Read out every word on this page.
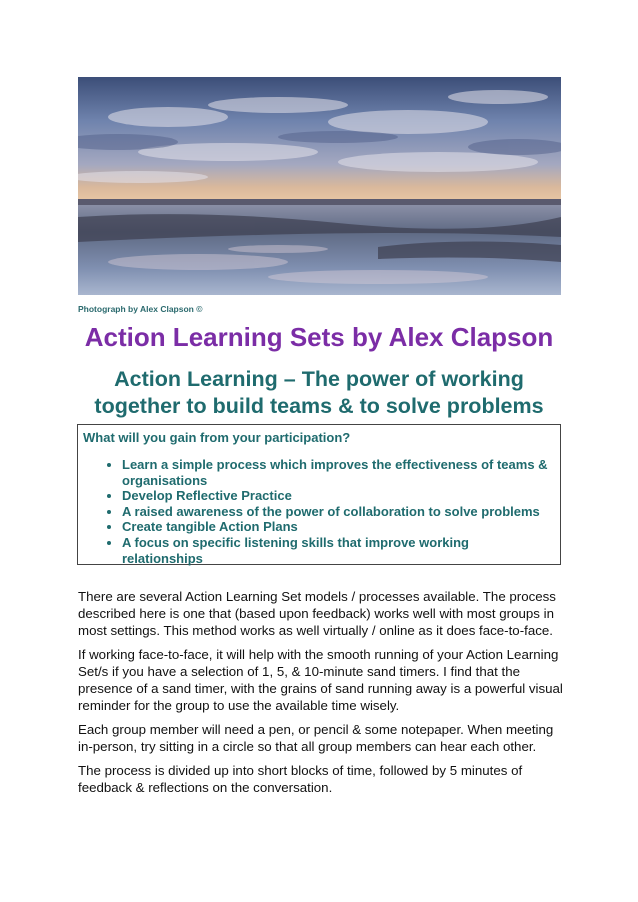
Photograph by Alex Clapson ©
Action Learning Sets by Alex Clapson
Action Learning – The power of working
together to build teams & to solve problems
What will you gain from your participation?
• Learn a simple process which improves the effectiveness of teams & organisations
• Develop Reflective Practice
• A raised awareness of the power of collaboration to solve problems
• Create tangible Action Plans
• A focus on specific listening skills that improve working relationships

There are several Action Learning Set models / processes available. The process described here is one that (based upon feedback) works well with most groups in most settings. This method works as well virtually / online as it does face-to-face.

If working face-to-face, it will help with the smooth running of your Action Learning Set/s if you have a selection of 1, 5, & 10-minute sand timers. I find that the presence of a sand timer, with the grains of sand running away is a powerful visual reminder for the group to use the available time wisely.

Each group member will need a pen, or pencil & some notepaper. When meeting in-person, try sitting in a circle so that all group members can hear each other.

The process is divided up into short blocks of time, followed by 5 minutes of feedback & reflections on the conversation.
